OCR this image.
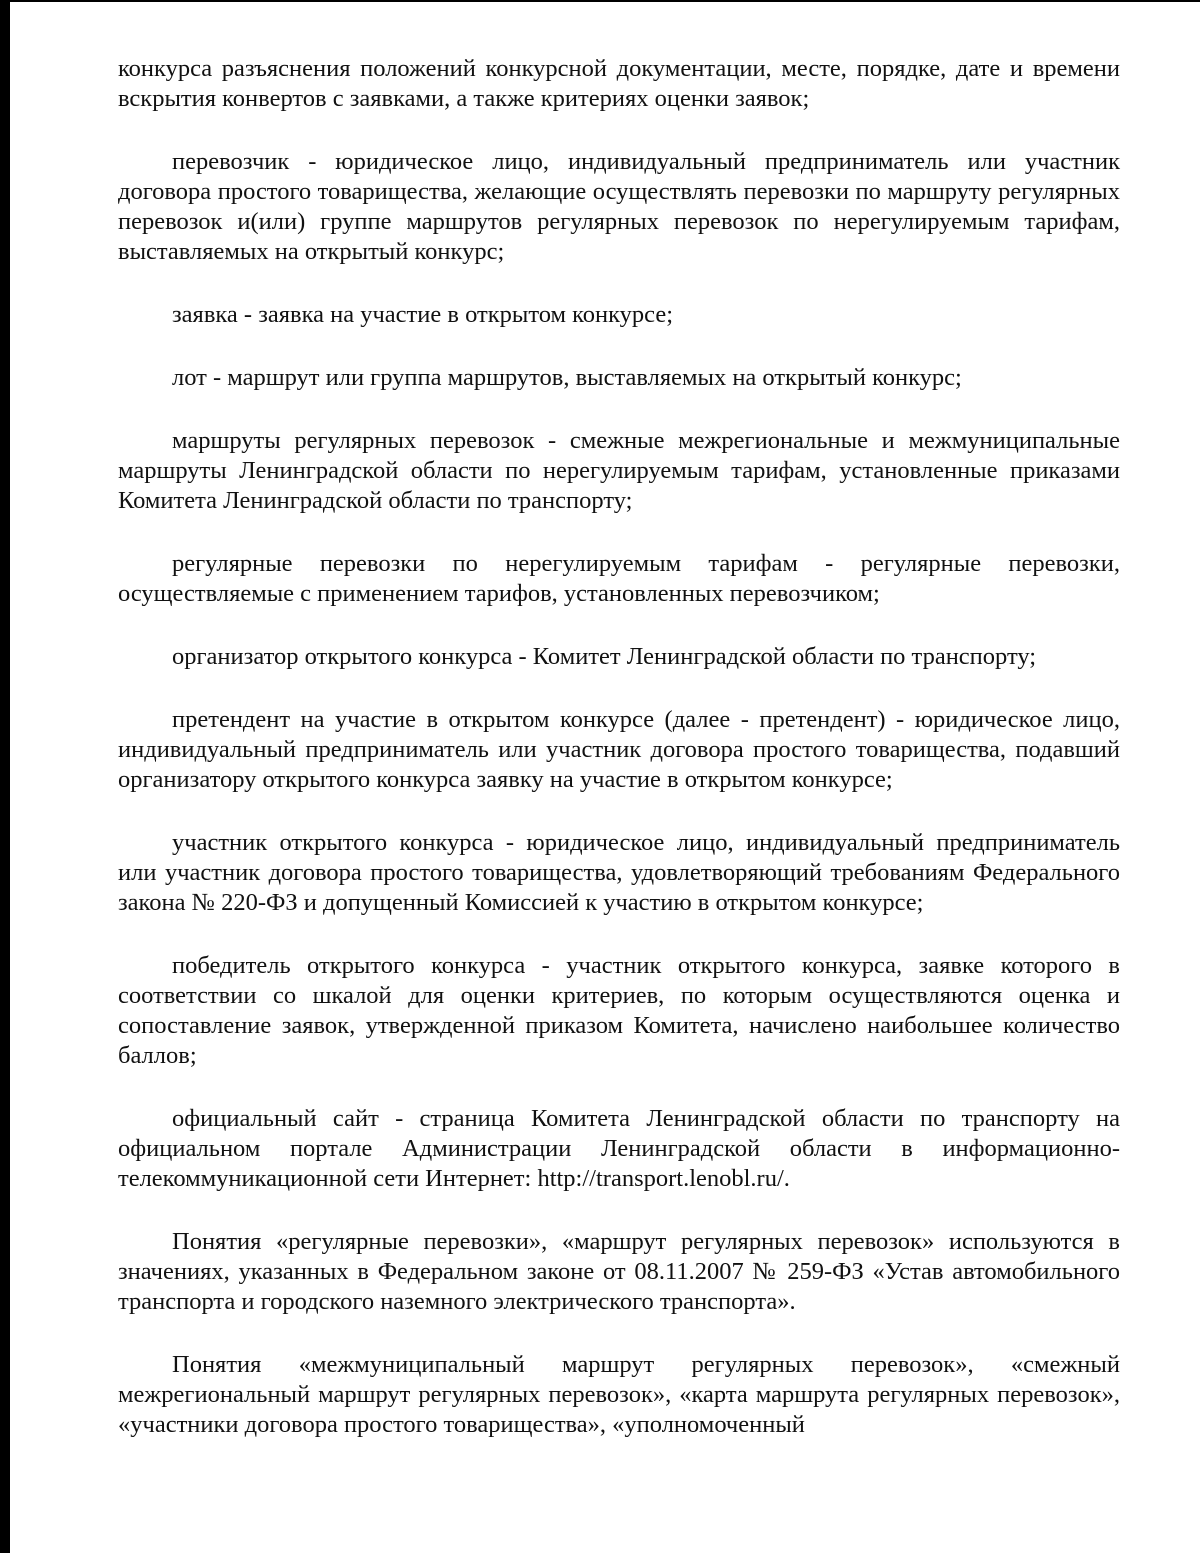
конкурса разъяснения положений конкурсной документации, месте, порядке, дате и времени вскрытия конвертов с заявками, а также критериях оценки заявок;

перевозчик - юридическое лицо, индивидуальный предприниматель или участник договора простого товарищества, желающие осуществлять перевозки по маршруту регулярных перевозок и(или) группе маршрутов регулярных перевозок по нерегулируемым тарифам, выставляемых на открытый конкурс;

заявка - заявка на участие в открытом конкурсе;

лот - маршрут или группа маршрутов, выставляемых на открытый конкурс;

маршруты регулярных перевозок - смежные межрегиональные и межмуниципальные маршруты Ленинградской области по нерегулируемым тарифам, установленные приказами Комитета Ленинградской области по транспорту;

регулярные перевозки по нерегулируемым тарифам - регулярные перевозки, осуществляемые с применением тарифов, установленных перевозчиком;

организатор открытого конкурса - Комитет Ленинградской области по транспорту;

претендент на участие в открытом конкурсе (далее - претендент) - юридическое лицо, индивидуальный предприниматель или участник договора простого товарищества, подавший организатору открытого конкурса заявку на участие в открытом конкурсе;

участник открытого конкурса - юридическое лицо, индивидуальный предприниматель или участник договора простого товарищества, удовлетворяющий требованиям Федерального закона № 220-ФЗ и допущенный Комиссией к участию в открытом конкурсе;

победитель открытого конкурса - участник открытого конкурса, заявке которого в соответствии со шкалой для оценки критериев, по которым осуществляются оценка и сопоставление заявок, утвержденной приказом Комитета, начислено наибольшее количество баллов;

официальный сайт - страница Комитета Ленинградской области по транспорту на официальном портале Администрации Ленинградской области в информационно-телекоммуникационной сети Интернет: http://transport.lenobl.ru/.

Понятия «регулярные перевозки», «маршрут регулярных перевозок» используются в значениях, указанных в Федеральном законе от 08.11.2007 № 259-ФЗ «Устав автомобильного транспорта и городского наземного электрического транспорта».

Понятия «межмуниципальный маршрут регулярных перевозок», «смежный межрегиональный маршрут регулярных перевозок», «карта маршрута регулярных перевозок», «участники договора простого товарищества», «уполномоченный
